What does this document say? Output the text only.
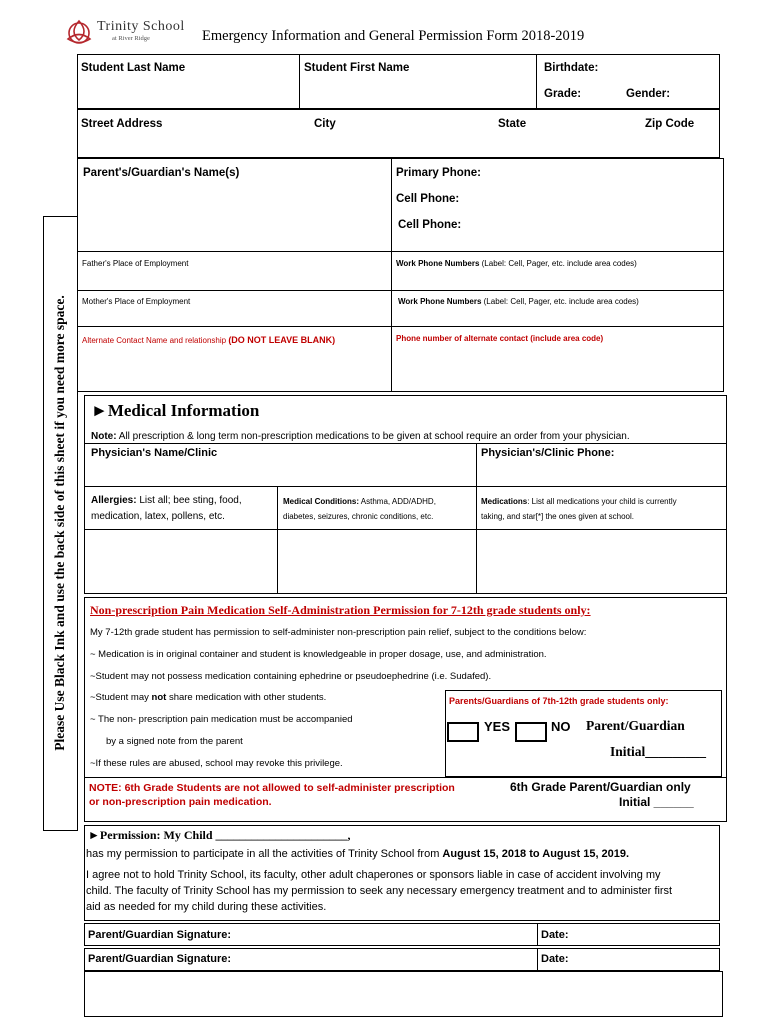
Trinity School
at River Ridge	Emergency Information and General Permission Form 2018-2019
Please Use Black Ink and use the back side of this sheet if you need more space.
Student Last Name	Student First Name	Birthdate:
Grade:	Gender:
Street Address	City	State	Zip Code
Parent's/Guardian's Name(s)	Primary Phone:
Cell Phone:
Cell Phone:
Father's Place of Employment	Work Phone Numbers (Label: Cell, Pager, etc. include area codes)
Mother's Place of Employment	Work Phone Numbers (Label: Cell, Pager, etc. include area codes)
Alternate Contact Name and relationship (DO NOT LEAVE BLANK)	Phone number of alternate contact (include area code)
►Medical Information
Note: All prescription & long term non-prescription medications to be given at school require an order from your physician.
Physician's Name/Clinic	Physician's/Clinic Phone:
Allergies: List all; bee sting, food,
medication, latex, pollens, etc.
Medical Conditions: Asthma, ADD/ADHD,
diabetes, seizures, chronic conditions, etc.
Medications: List all medications your child is currently
taking, and star[*] the ones given at school.
Non-prescription Pain Medication Self-Administration Permission for 7-12th grade students only:
My 7-12th grade student has permission to self-administer non-prescription pain relief, subject to the conditions below:
~ Medication is in original container and student is knowledgeable in proper dosage, use, and administration.
~Student may not possess medication containing ephedrine or pseudoephedrine (i.e. Sudafed).
~Student may not share medication with other students.
~ The non- prescription pain medication must be accompanied
by a signed note from the parent
~If these rules are abused, school may revoke this privilege.
Parents/Guardians of 7th-12th grade students only:
YES	NO Parent/Guardian
Initial_________
NOTE: 6th Grade Students are not allowed to self-administer prescription
or non-prescription pain medication.
6th Grade Parent/Guardian only
Initial ______
►Permission: My Child ______________________,
has my permission to participate in all the activities of Trinity School from August 15, 2018 to August 15, 2019.
I agree not to hold Trinity School, its faculty, other adult chaperones or sponsors liable in case of accident involving my
child. The faculty of Trinity School has my permission to seek any necessary emergency treatment and to administer first
aid as needed for my child during these activities.
Parent/Guardian Signature:	Date:
Parent/Guardian Signature:	Date:
